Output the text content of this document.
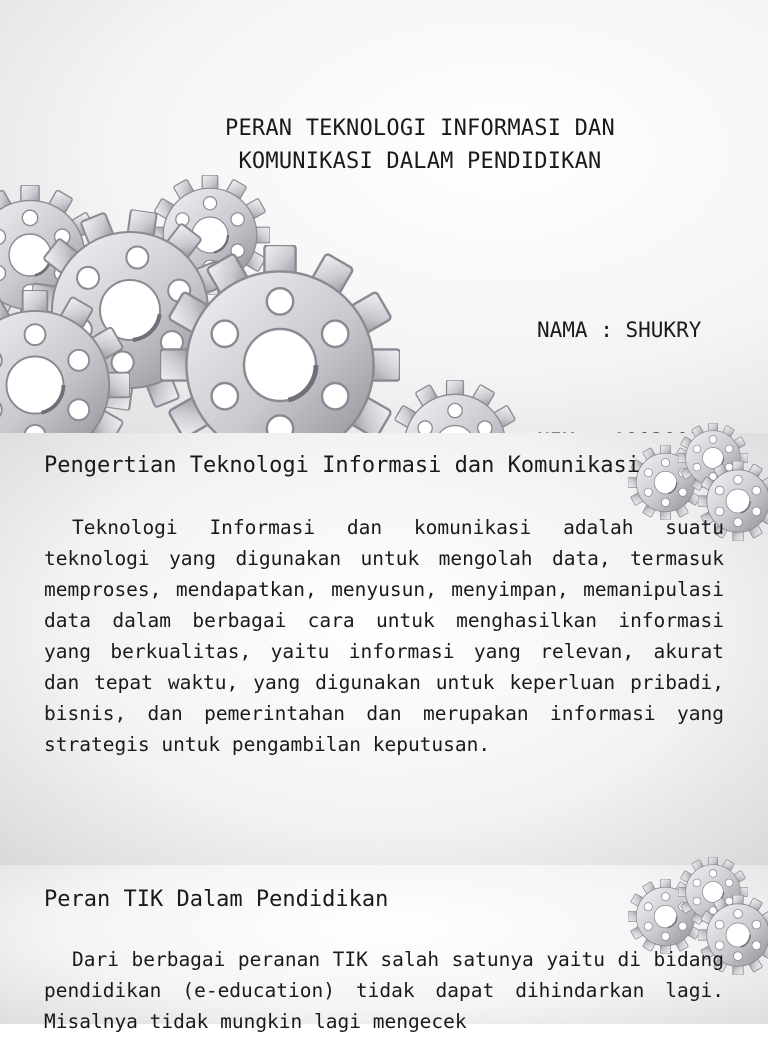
PERAN TEKNOLOGI INFORMASI DAN
KOMUNIKASI DALAM PENDIDIKAN

NAMA : SHUKRY

Pengertian Teknologi Informasi dan Komunikasi

Teknologi Informasi dan komunikasi adalah suatu teknologi yang digunakan untuk mengolah data, termasuk memproses, mendapatkan, menyusun, menyimpan, memanipulasi data dalam berbagai cara untuk menghasilkan informasi yang berkualitas, yaitu informasi yang relevan, akurat dan tepat waktu, yang digunakan untuk keperluan pribadi, bisnis, dan pemerintahan dan merupakan informasi yang strategis untuk pengambilan keputusan.

Peran TIK Dalam Pendidikan

Dari berbagai peranan TIK salah satunya yaitu di bidang pendidikan (e-education) tidak dapat dihindarkan lagi. Misalnya tidak mungkin lagi mengecek
